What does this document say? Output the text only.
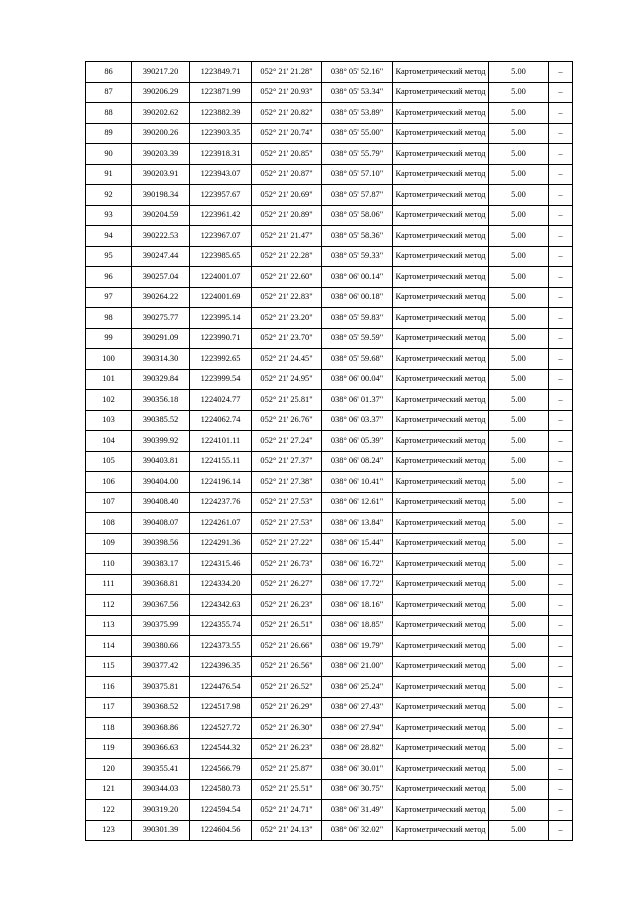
86	390217.20	1223849.71	052° 21' 21.28"	038° 05' 52.16"	Картометрический метод	5.00	–
87	390206.29	1223871.99	052° 21' 20.93"	038° 05' 53.34"	Картометрический метод	5.00	–
88	390202.62	1223882.39	052° 21' 20.82"	038° 05' 53.89"	Картометрический метод	5.00	–
89	390200.26	1223903.35	052° 21' 20.74"	038° 05' 55.00"	Картометрический метод	5.00	–
90	390203.39	1223918.31	052° 21' 20.85"	038° 05' 55.79"	Картометрический метод	5.00	–
91	390203.91	1223943.07	052° 21' 20.87"	038° 05' 57.10"	Картометрический метод	5.00	–
92	390198.34	1223957.67	052° 21' 20.69"	038° 05' 57.87"	Картометрический метод	5.00	–
93	390204.59	1223961.42	052° 21' 20.89"	038° 05' 58.06"	Картометрический метод	5.00	–
94	390222.53	1223967.07	052° 21' 21.47"	038° 05' 58.36"	Картометрический метод	5.00	–
95	390247.44	1223985.65	052° 21' 22.28"	038° 05' 59.33"	Картометрический метод	5.00	–
96	390257.04	1224001.07	052° 21' 22.60"	038° 06' 00.14"	Картометрический метод	5.00	–
97	390264.22	1224001.69	052° 21' 22.83"	038° 06' 00.18"	Картометрический метод	5.00	–
98	390275.77	1223995.14	052° 21' 23.20"	038° 05' 59.83"	Картометрический метод	5.00	–
99	390291.09	1223990.71	052° 21' 23.70"	038° 05' 59.59"	Картометрический метод	5.00	–
100	390314.30	1223992.65	052° 21' 24.45"	038° 05' 59.68"	Картометрический метод	5.00	–
101	390329.84	1223999.54	052° 21' 24.95"	038° 06' 00.04"	Картометрический метод	5.00	–
102	390356.18	1224024.77	052° 21' 25.81"	038° 06' 01.37"	Картометрический метод	5.00	–
103	390385.52	1224062.74	052° 21' 26.76"	038° 06' 03.37"	Картометрический метод	5.00	–
104	390399.92	1224101.11	052° 21' 27.24"	038° 06' 05.39"	Картометрический метод	5.00	–
105	390403.81	1224155.11	052° 21' 27.37"	038° 06' 08.24"	Картометрический метод	5.00	–
106	390404.00	1224196.14	052° 21' 27.38"	038° 06' 10.41"	Картометрический метод	5.00	–
107	390408.40	1224237.76	052° 21' 27.53"	038° 06' 12.61"	Картометрический метод	5.00	–
108	390408.07	1224261.07	052° 21' 27.53"	038° 06' 13.84"	Картометрический метод	5.00	–
109	390398.56	1224291.36	052° 21' 27.22"	038° 06' 15.44"	Картометрический метод	5.00	–
110	390383.17	1224315.46	052° 21' 26.73"	038° 06' 16.72"	Картометрический метод	5.00	–
111	390368.81	1224334.20	052° 21' 26.27"	038° 06' 17.72"	Картометрический метод	5.00	–
112	390367.56	1224342.63	052° 21' 26.23"	038° 06' 18.16"	Картометрический метод	5.00	–
113	390375.99	1224355.74	052° 21' 26.51"	038° 06' 18.85"	Картометрический метод	5.00	–
114	390380.66	1224373.55	052° 21' 26.66"	038° 06' 19.79"	Картометрический метод	5.00	–
115	390377.42	1224396.35	052° 21' 26.56"	038° 06' 21.00"	Картометрический метод	5.00	–
116	390375.81	1224476.54	052° 21' 26.52"	038° 06' 25.24"	Картометрический метод	5.00	–
117	390368.52	1224517.98	052° 21' 26.29"	038° 06' 27.43"	Картометрический метод	5.00	–
118	390368.86	1224527.72	052° 21' 26.30"	038° 06' 27.94"	Картометрический метод	5.00	–
119	390366.63	1224544.32	052° 21' 26.23"	038° 06' 28.82"	Картометрический метод	5.00	–
120	390355.41	1224566.79	052° 21' 25.87"	038° 06' 30.01"	Картометрический метод	5.00	–
121	390344.03	1224580.73	052° 21' 25.51"	038° 06' 30.75"	Картометрический метод	5.00	–
122	390319.20	1224594.54	052° 21' 24.71"	038° 06' 31.49"	Картометрический метод	5.00	–
123	390301.39	1224604.56	052° 21' 24.13"	038° 06' 32.02"	Картометрический метод	5.00	–
